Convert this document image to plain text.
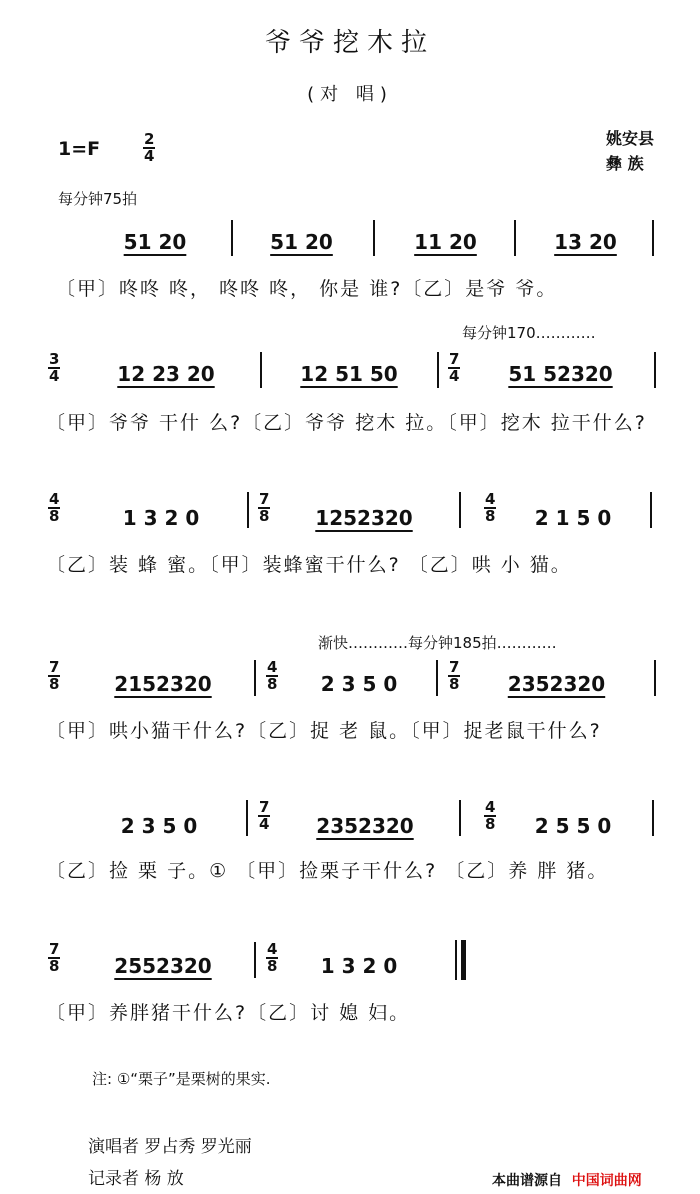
爷爷挖木拉
(对 唱)
1=F	$\frac{2}{4}$	姚安县
彝 族
每分钟75拍
51 20	51 20	11 20	13 20
〔甲〕咚咚 咚， 咚咚 咚， 你是 谁?〔乙〕是爷 爷。
每分钟170…………
$\frac{3}{4}$	12 23 20	12 51 50	$\frac{7}{4}$	51 52320
〔甲〕爷爷 干什 么?〔乙〕爷爷 挖木 拉。〔甲〕挖木 拉干什么?
$\frac{4}{8}$	1 3 2 0	$\frac{7}{8}$	1252320	$\frac{4}{8}$	2 1 5 0
〔乙〕装 蜂 蜜。〔甲〕装蜂蜜干什么? 〔乙〕哄 小 猫。
渐快…………每分钟185拍…………
$\frac{7}{8}$	2152320	$\frac{4}{8}$	2 3 5 0	$\frac{7}{8}$	2352320
〔甲〕哄小猫干什么?〔乙〕捉 老 鼠。〔甲〕捉老鼠干什么?
2 3 5 0	$\frac{7}{4}$	2352320	$\frac{4}{8}$	2 5 5 0
〔乙〕捡 栗 子。① 〔甲〕捡栗子干什么? 〔乙〕养 胖 猪。
$\frac{7}{8}$	2552320	$\frac{4}{8}$	1 3 2 0
〔甲〕养胖猪干什么?〔乙〕讨 媳 妇。
注: ①“栗子”是栗树的果实.
演唱者 罗占秀 罗光丽
记录者 杨 放	本曲谱源自 中国词曲网
